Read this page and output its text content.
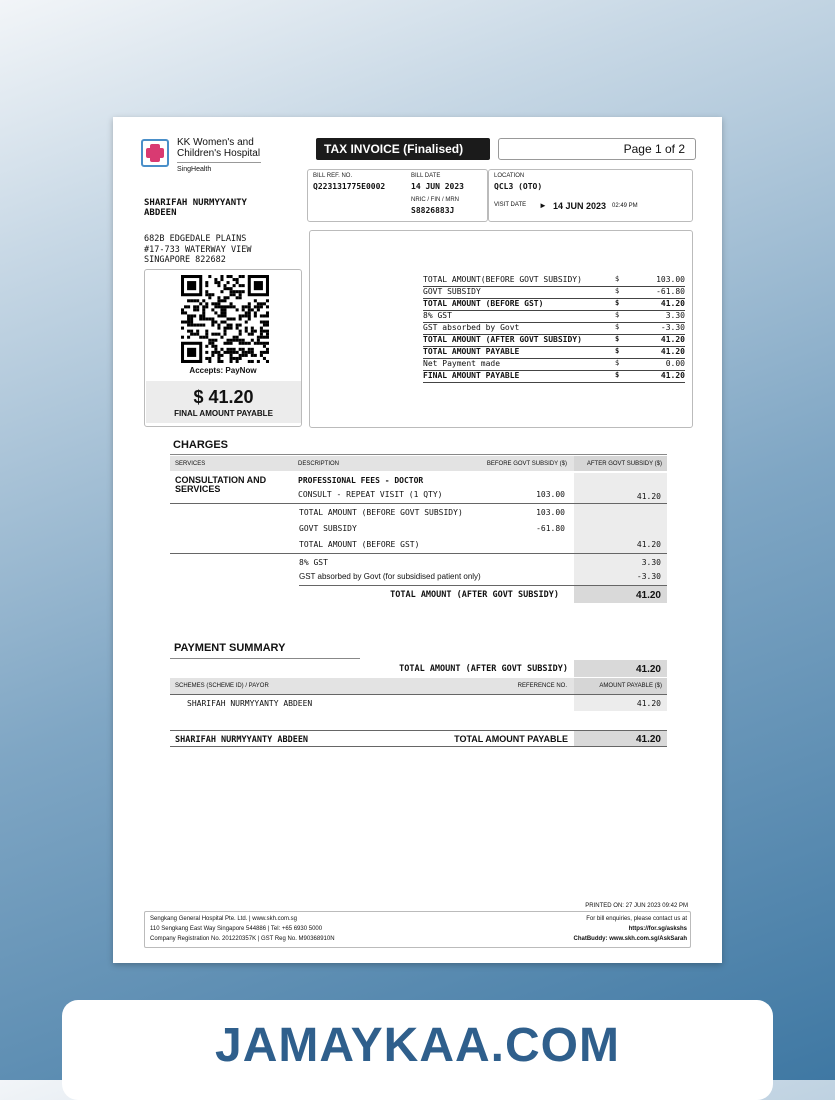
KK Women's and
Children's Hospital
SingHealth
TAX INVOICE (Finalised)	Page 1 of 2
SHARIFAH NURMYYANTY
ABDEEN
682B EDGEDALE PLAINS
#17-733 WATERWAY VIEW
SINGAPORE 822682
BILL REF. NO.
Q223131775E0002
BILL DATE
14 JUN 2023
NRIC / FIN / MRN
S8826883J
LOCATION
QCL3 (OTO)
VISIT DATE ► 14 JUN 2023 02:49 PM
Accepts: PayNow
$ 41.20
FINAL AMOUNT PAYABLE
CHARGES
SERVICES	DESCRIPTION	BEFORE GOVT SUBSIDY ($)	AFTER GOVT SUBSIDY ($)
CONSULTATION AND
SERVICES
PROFESSIONAL FEES - DOCTOR
CONSULT - REPEAT VISIT (1 QTY)	103.00	41.20
TOTAL AMOUNT (BEFORE GOVT SUBSIDY)	103.00
GOVT SUBSIDY	-61.80
TOTAL AMOUNT (BEFORE GST)	41.20
8% GST	3.30
GST absorbed by Govt (for subsidised patient only)	-3.30
TOTAL AMOUNT (AFTER GOVT SUBSIDY)	41.20
PAYMENT SUMMARY
TOTAL AMOUNT (AFTER GOVT SUBSIDY)	41.20
SCHEMES (SCHEME ID) / PAYOR	REFERENCE NO.	AMOUNT PAYABLE ($)
SHARIFAH NURMYYANTY ABDEEN	41.20
SHARIFAH NURMYYANTY ABDEEN	TOTAL AMOUNT PAYABLE	41.20
PRINTED ON: 27 JUN 2023 09:42 PM
Sengkang General Hospital Pte. Ltd. | www.skh.com.sg
110 Sengkang East Way Singapore 544886 | Tel: +65 6930 5000
Company Registration No. 201220357K | GST Reg No. M90368910N
For bill enquiries, please contact us at
https://for.sg/askshs
ChatBuddy: www.skh.com.sg/AskSarah
TOTAL AMOUNT(BEFORE GOVT SUBSIDY)	$	103.00
GOVT SUBSIDY	$	-61.80
TOTAL AMOUNT (BEFORE GST)	$	41.20
8% GST	$	3.30
GST absorbed by Govt	$	-3.30
TOTAL AMOUNT (AFTER GOVT SUBSIDY)	$	41.20
TOTAL AMOUNT PAYABLE	$	41.20
Net Payment made	$	0.00
FINAL AMOUNT PAYABLE	$	41.20
JAMAYKAA.COM
